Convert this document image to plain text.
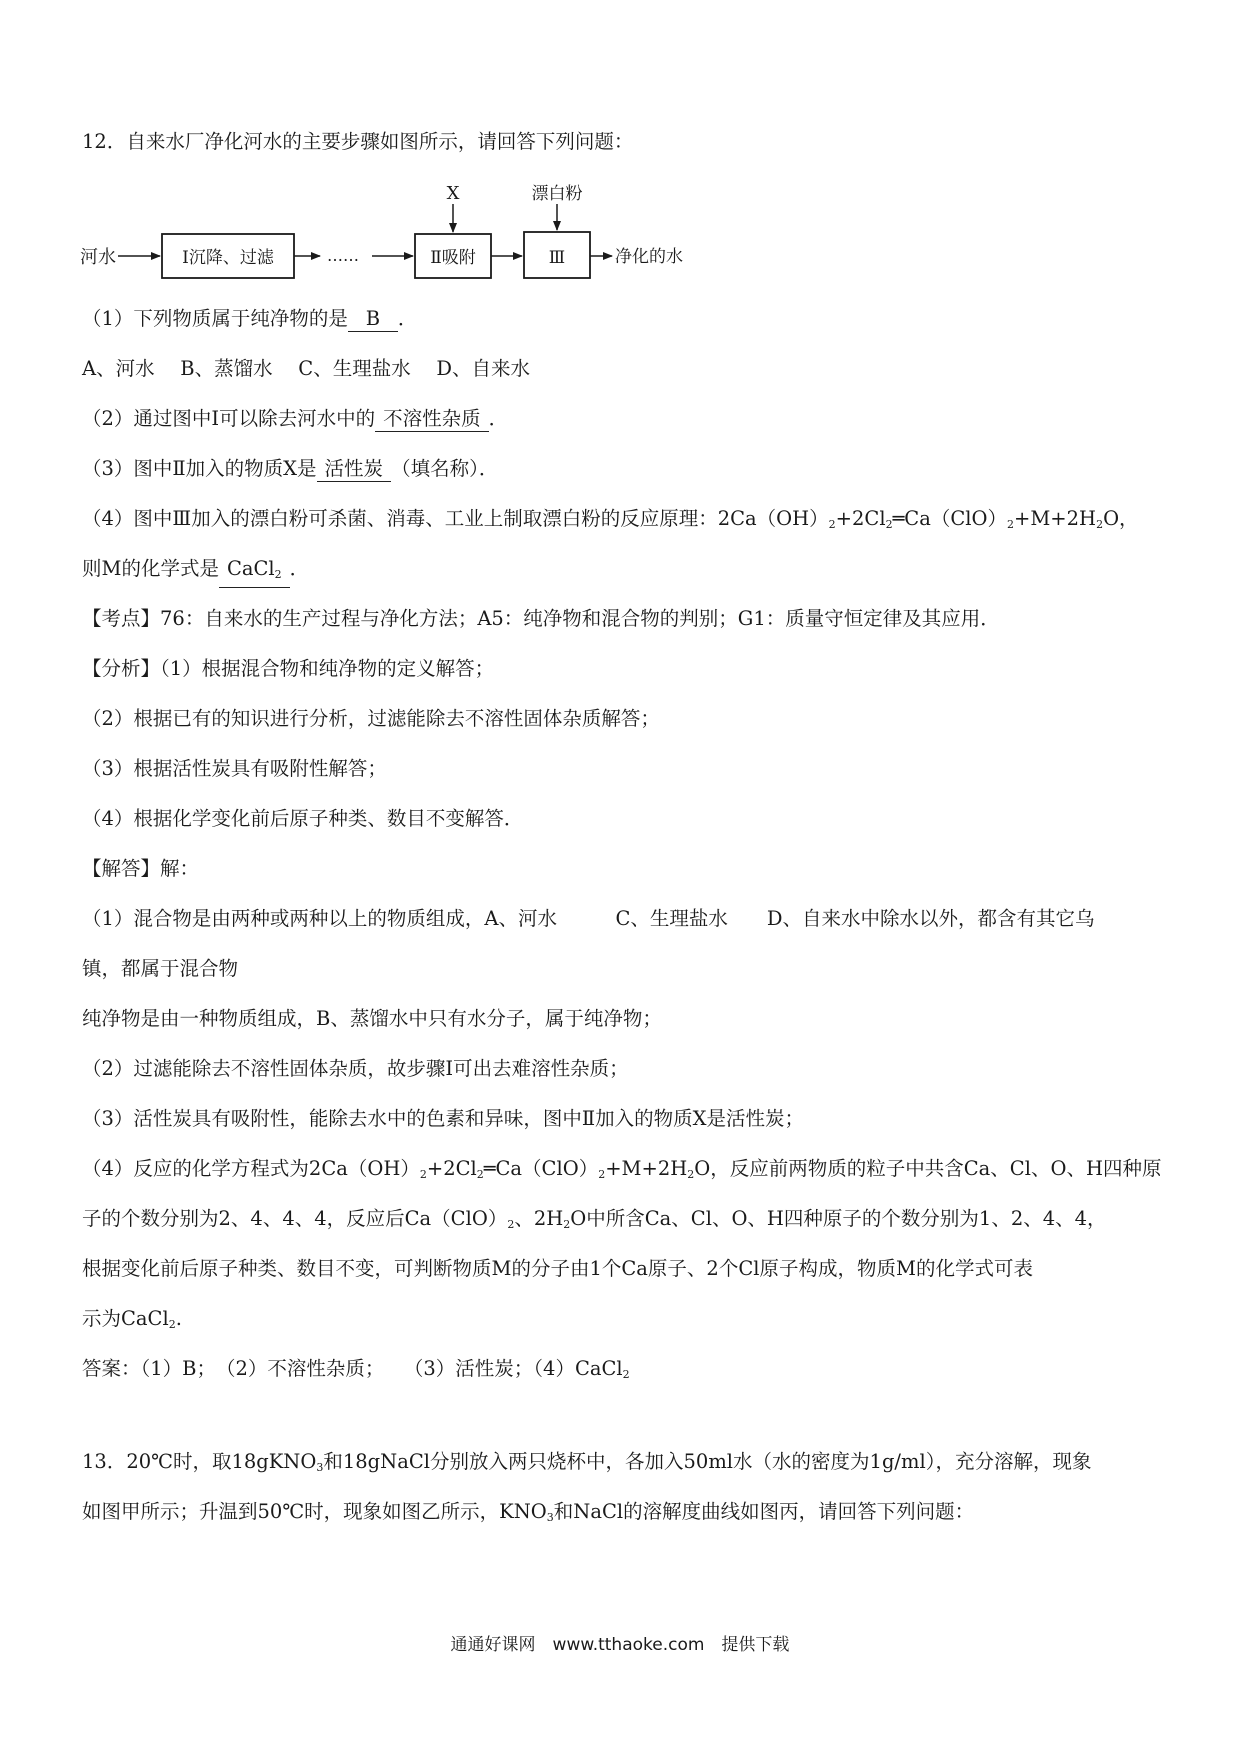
12．自来水厂净化河水的主要步骤如图所示，请回答下列问题：
河水	Ⅰ沉降、过滤	……	Ⅱ吸附
X
Ⅲ
漂白粉
净化的水
（1）下列物质属于纯净物的是 B ．
A、河水　 B、蒸馏水　 C、生理盐水　 D、自来水
（2）通过图中Ⅰ可以除去河水中的 不溶性杂质 ．
（3）图中Ⅱ加入的物质X是 活性炭 （填名称）．
（4）图中Ⅲ加入的漂白粉可杀菌、消毒、工业上制取漂白粉的反应原理：$2Ca(OH)_2+2Cl_2═Ca(ClO)_2+M+2H_2O$，
则M的化学式是 CaCl$_2$ ．
【考点】76：自来水的生产过程与净化方法；A5：纯净物和混合物的判别；G1：质量守恒定律及其应用．
【分析】（1）根据混合物和纯净物的定义解答；
（2）根据已有的知识进行分析，过滤能除去不溶性固体杂质解答；
（3）根据活性炭具有吸附性解答；
（4）根据化学变化前后原子种类、数目不变解答．
【解答】解：
（1）混合物是由两种或两种以上的物质组成，A、河水　　　C、生理盐水　　D、自来水中除水以外，都含有其它乌
镇，都属于混合物
纯净物是由一种物质组成，B、蒸馏水中只有水分子，属于纯净物；
（2）过滤能除去不溶性固体杂质，故步骤Ⅰ可出去难溶性杂质；
（3）活性炭具有吸附性，能除去水中的色素和异味，图中Ⅱ加入的物质X是活性炭；
（4）反应的化学方程式为$2Ca(OH)_2+2Cl_2═Ca(ClO)_2+M+2H_2O$，反应前两物质的粒子中共含Ca、Cl、O、H四种原
子的个数分别为2、4、4、4，反应后$Ca(ClO)_2$、$2H_2O$中所含Ca、Cl、O、H四种原子的个数分别为1、2、4、4，
根据变化前后原子种类、数目不变，可判断物质M的分子由1个Ca原子、2个Cl原子构成，物质M的化学式可表
示为CaCl$_2$.
答案：（1）B；　（2）不溶性杂质；　　（3）活性炭；（4）CaCl$_2$
13．20℃时，取18gKNO$_3$和18gNaCl分别放入两只烧杯中，各加入50ml水（水的密度为1g/ml），充分溶解，现象
如图甲所示；升温到50℃时，现象如图乙所示，$KNO_3$和NaCl的溶解度曲线如图丙，请回答下列问题：
通通好课网　www.tthaoke.com　提供下载
